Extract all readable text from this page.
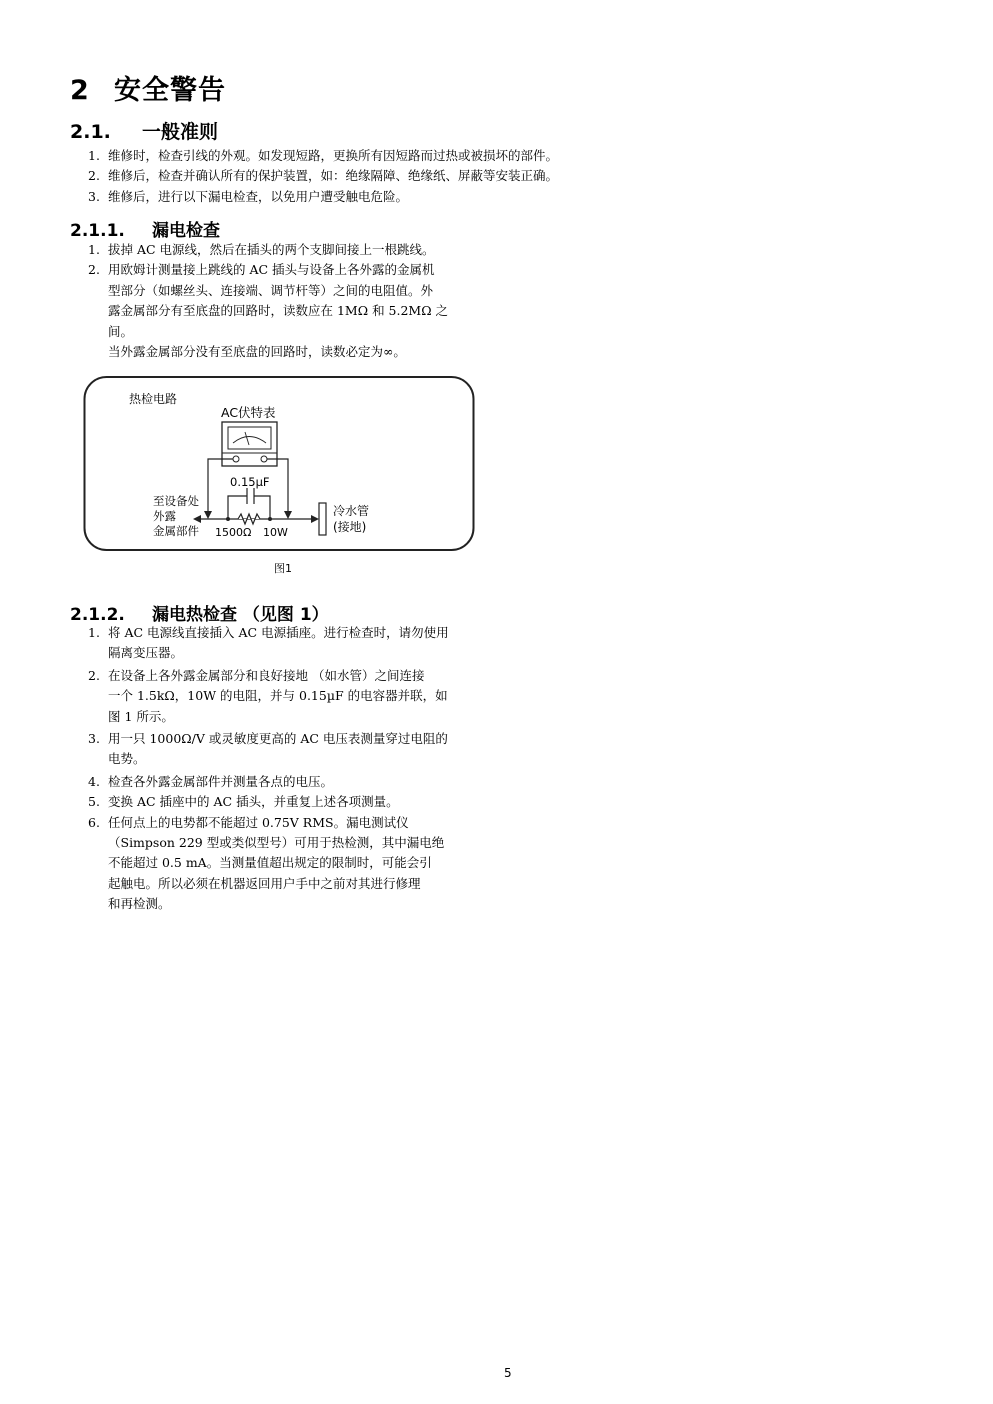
2 安全警告
2.1. 一般准则
1. 维修时，检查引线的外观。如发现短路，更换所有因短路而过热或被损坏的部件。
2. 维修后，检查并确认所有的保护装置，如：绝缘隔障、绝缘纸、屏蔽等安装正确。
3. 维修后，进行以下漏电检查，以免用户遭受触电危险。
2.1.1. 漏电检查
1. 拔掉 AC 电源线，然后在插头的两个支脚间接上一根跳线。
2. 用欧姆计测量接上跳线的 AC 插头与设备上各外露的金属机
型部分（如螺丝头、连接端、调节杆等）之间的电阻值。外
露金属部分有至底盘的回路时，读数应在 1MΩ 和 5.2MΩ 之
间。
当外露金属部分没有至底盘的回路时，读数必定为∞。
热检电路
AC伏特表
0.15µF
至设备处
外露
金属部件 1500Ω 10W
冷水管
(接地)
图1
2.1.2. 漏电热检查 （见图 1）
1. 将 AC 电源线直接插入 AC 电源插座。进行检查时，请勿使用
隔离变压器。
2. 在设备上各外露金属部分和良好接地 （如水管）之间连接
一个 1.5kΩ，10W 的电阻，并与 0.15µF 的电容器并联，如
图 1 所示。
3. 用一只 1000Ω/V 或灵敏度更高的 AC 电压表测量穿过电阻的
电势。
4. 检查各外露金属部件并测量各点的电压。
5. 变换 AC 插座中的 AC 插头，并重复上述各项测量。
6. 任何点上的电势都不能超过 0.75V RMS。漏电测试仪
（Simpson 229 型或类似型号）可用于热检测，其中漏电绝
不能超过 0.5 mA。当测量值超出规定的限制时，可能会引
起触电。所以必须在机器返回用户手中之前对其进行修理
和再检测。
5
